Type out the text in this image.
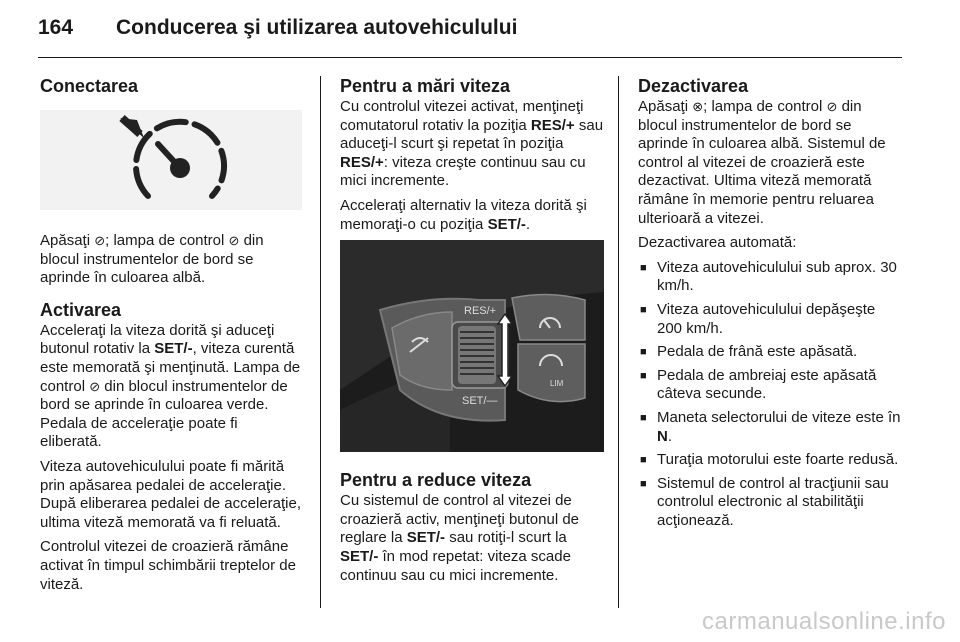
164 Conducerea şi utilizarea autovehiculului
Conectarea

Apăsaţi ⊘; lampa de control ⊘ din blocul instrumentelor de bord se aprinde în culoarea albă.

Activarea

Acceleraţi la viteza dorită şi aduceţi butonul rotativ la SET/-, viteza curentă este memorată şi menţinută. Lampa de control ⊘ din blocul instrumentelor de bord se aprinde în culoarea verde. Pedala de acceleraţie poate fi eliberată.

Viteza autovehiculului poate fi mărită prin apăsarea pedalei de acceleraţie. După eliberarea pedalei de acceleraţie, ultima viteză memorată va fi reluată.

Controlul vitezei de croazieră rămâne activat în timpul schimbării treptelor de viteză.

Pentru a mări viteza

Cu controlul vitezei activat, menţineţi comutatorul rotativ la poziţia RES/+ sau aduceţi-l scurt şi repetat în poziţia RES/+: viteza creşte continuu sau cu mici incremente.

Acceleraţi alternativ la viteza dorită şi memoraţi-o cu poziţia SET/-.

RES/+
SET/—
LIM
Pentru a reduce viteza

Cu sistemul de control al vitezei de croazieră activ, menţineţi butonul de reglare la SET/- sau rotiţi-l scurt la SET/- în mod repetat: viteza scade continuu sau cu mici incremente.

Dezactivarea

Apăsaţi ⊗; lampa de control ⊘ din blocul instrumentelor de bord se aprinde în culoarea albă. Sistemul de control al vitezei de croazieră este dezactivat. Ultima viteză memorată rămâne în memorie pentru reluarea ulterioară a vitezei.

Dezactivarea automată:

■ Viteza autovehiculului sub aprox. 30 km/h.
■ Viteza autovehiculului depăşeşte 200 km/h.
■ Pedala de frână este apăsată.
■ Pedala de ambreiaj este apăsată câteva secunde.
■ Maneta selectorului de viteze este în N.
■ Turaţia motorului este foarte redusă.
■ Sistemul de control al tracţiunii sau controlul electronic al stabilităţii acţionează.
carmanualsonline.info
